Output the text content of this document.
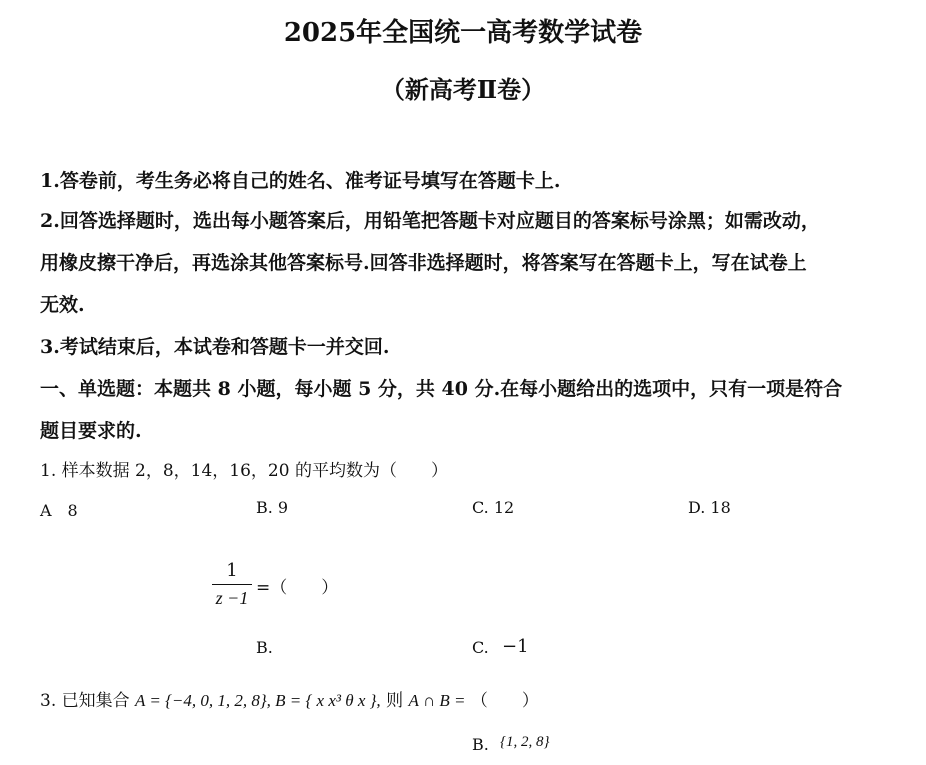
2025年全国统一高考数学试卷
（新高考Ⅱ卷）
1.答卷前，考生务必将自己的姓名、准考证号填写在答题卡上.
2.回答选择题时，选出每小题答案后，用铅笔把答题卡对应题目的答案标号涂黑；如需改动，
用橡皮擦干净后，再选涂其他答案标号.回答非选择题时，将答案写在答题卡上，写在试卷上
无效.
3.考试结束后，本试卷和答题卡一并交回.
一、单选题：本题共 8 小题，每小题 5 分，共 40 分.在每小题给出的选项中，只有一项是符合
题目要求的.
1. 样本数据 2，8，14，16，20 的平均数为（　　）
A　8	B. 9	C. 12	D. 18
1
z −1 =（　　）
B.	C. −1
3. 已知集合 A = {−4, 0, 1, 2, 8}, B = { x x³ θ x }, 则 A ∩ B = （　　）
B. {1, 2, 8}
